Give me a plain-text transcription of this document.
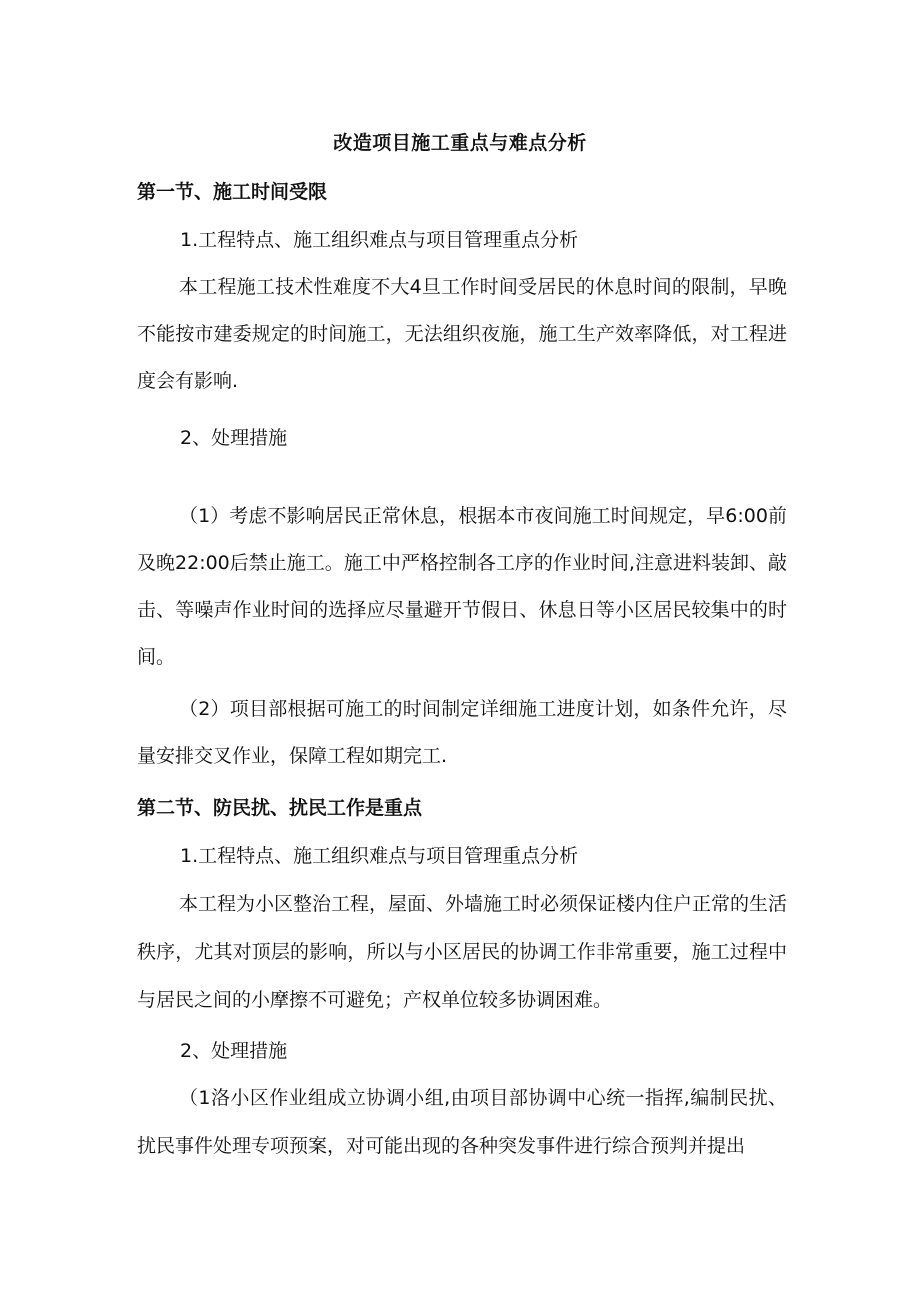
改造项目施工重点与难点分析
第一节、施工时间受限
1.工程特点、施工组织难点与项目管理重点分析
本工程施工技术性难度不大4旦工作时间受居民的休息时间的限制，早晚不能按市建委规定的时间施工，无法组织夜施，施工生产效率降低，对工程进度会有影响.
2、处理措施
（1）考虑不影响居民正常休息，根据本市夜间施工时间规定，早6:00前及晚22:00后禁止施工。施工中严格控制各工序的作业时间,注意进料装卸、敲击、等噪声作业时间的选择应尽量避开节假日、休息日等小区居民较集中的时间。
（2）项目部根据可施工的时间制定详细施工进度计划，如条件允许，尽量安排交叉作业，保障工程如期完工.
第二节、防民扰、扰民工作是重点
1.工程特点、施工组织难点与项目管理重点分析
本工程为小区整治工程，屋面、外墙施工时必须保证楼内住户正常的生活秩序，尤其对顶层的影响，所以与小区居民的协调工作非常重要，施工过程中与居民之间的小摩擦不可避免；产权单位较多协调困难。
2、处理措施
（1洛小区作业组成立协调小组,由项目部协调中心统一指挥,编制民扰、扰民事件处理专项预案，对可能出现的各种突发事件进行综合预判并提出
